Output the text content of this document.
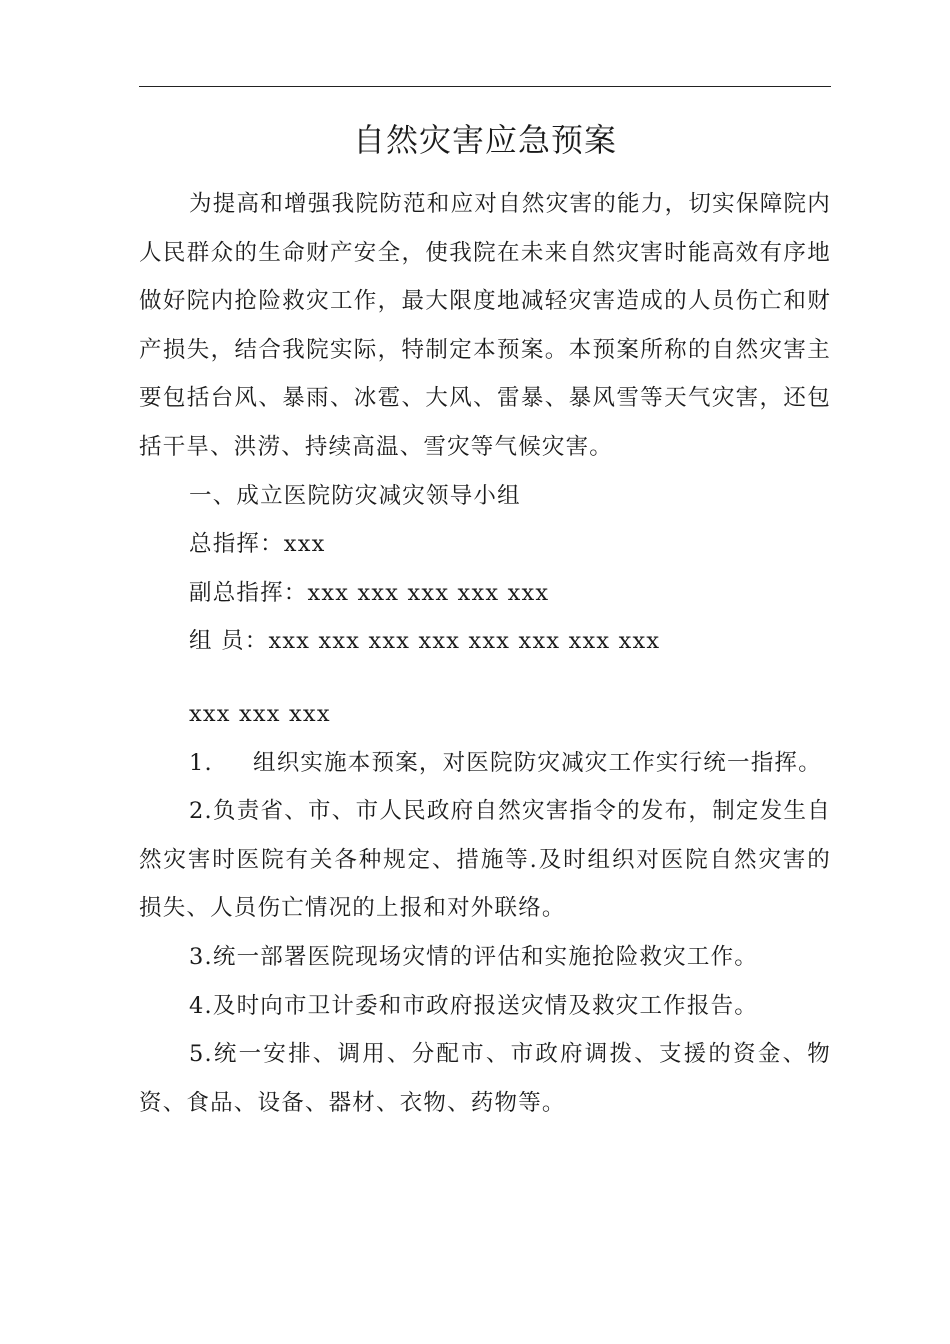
自然灾害应急预案

为提高和增强我院防范和应对自然灾害的能力，切实保障院内人民群众的生命财产安全，使我院在未来自然灾害时能高效有序地做好院内抢险救灾工作，最大限度地减轻灾害造成的人员伤亡和财产损失，结合我院实际，特制定本预案。本预案所称的自然灾害主要包括台风、暴雨、冰雹、大风、雷暴、暴风雪等天气灾害，还包括干旱、洪涝、持续高温、雪灾等气候灾害。

一、成立医院防灾减灾领导小组

总指挥：xxx

副总指挥：xxx xxx xxx xxx xxx

组 员：xxx xxx xxx xxx xxx xxx xxx xxx

xxx xxx xxx

1. 组织实施本预案，对医院防灾减灾工作实行统一指挥。

2.负责省、市、市人民政府自然灾害指令的发布，制定发生自然灾害时医院有关各种规定、措施等.及时组织对医院自然灾害的损失、人员伤亡情况的上报和对外联络。

3.统一部署医院现场灾情的评估和实施抢险救灾工作。

4.及时向市卫计委和市政府报送灾情及救灾工作报告。

5.统一安排、调用、分配市、市政府调拨、支援的资金、物资、食品、设备、器材、衣物、药物等。
